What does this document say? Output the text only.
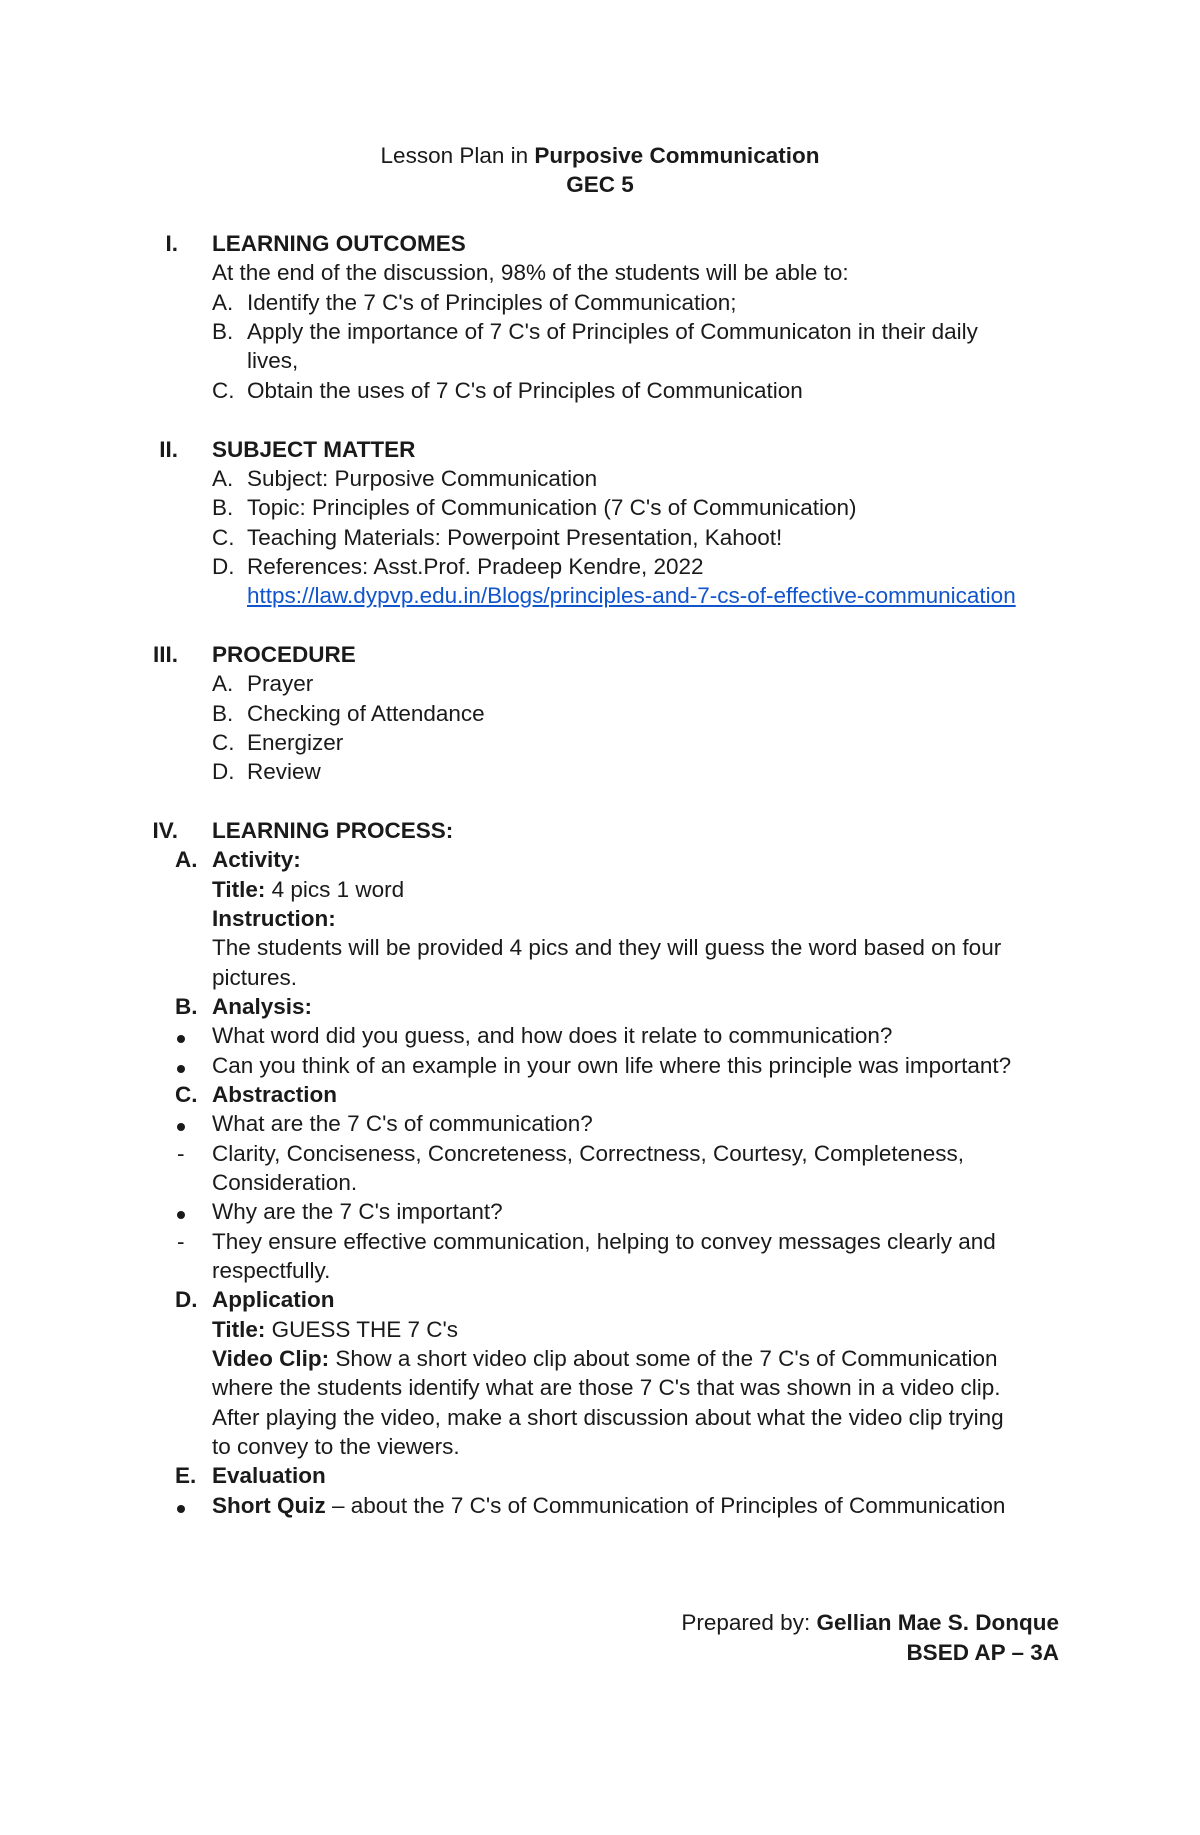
Lesson Plan in Purposive Communication
GEC 5
I. LEARNING OUTCOMES
At the end of the discussion, 98% of the students will be able to:
A. Identify the 7 C's of Principles of Communication;
B. Apply the importance of 7 C's of Principles of Communicaton in their daily
lives,
C. Obtain the uses of 7 C's of Principles of Communication
II. SUBJECT MATTER
A. Subject: Purposive Communication
B. Topic: Principles of Communication (7 C's of Communication)
C. Teaching Materials: Powerpoint Presentation, Kahoot!
D. References: Asst.Prof. Pradeep Kendre, 2022
https://law.dypvp.edu.in/Blogs/principles-and-7-cs-of-effective-communication
III. PROCEDURE
A. Prayer
B. Checking of Attendance
C. Energizer
D. Review
IV. LEARNING PROCESS:
A. Activity:
Title: 4 pics 1 word
Instruction:
The students will be provided 4 pics and they will guess the word based on four
pictures.
B. Analysis:
What word did you guess, and how does it relate to communication?
Can you think of an example in your own life where this principle was important?
C. Abstraction
What are the 7 C's of communication?
- Clarity, Conciseness, Concreteness, Correctness, Courtesy, Completeness,
Consideration.
Why are the 7 C's important?
- They ensure effective communication, helping to convey messages clearly and
respectfully.
D. Application
Title: GUESS THE 7 C's
Video Clip: Show a short video clip about some of the 7 C's of Communication
where the students identify what are those 7 C's that was shown in a video clip.
After playing the video, make a short discussion about what the video clip trying
to convey to the viewers.
E. Evaluation
Short Quiz – about the 7 C's of Communication of Principles of Communication
Prepared by: Gellian Mae S. Donque
BSED AP – 3A
